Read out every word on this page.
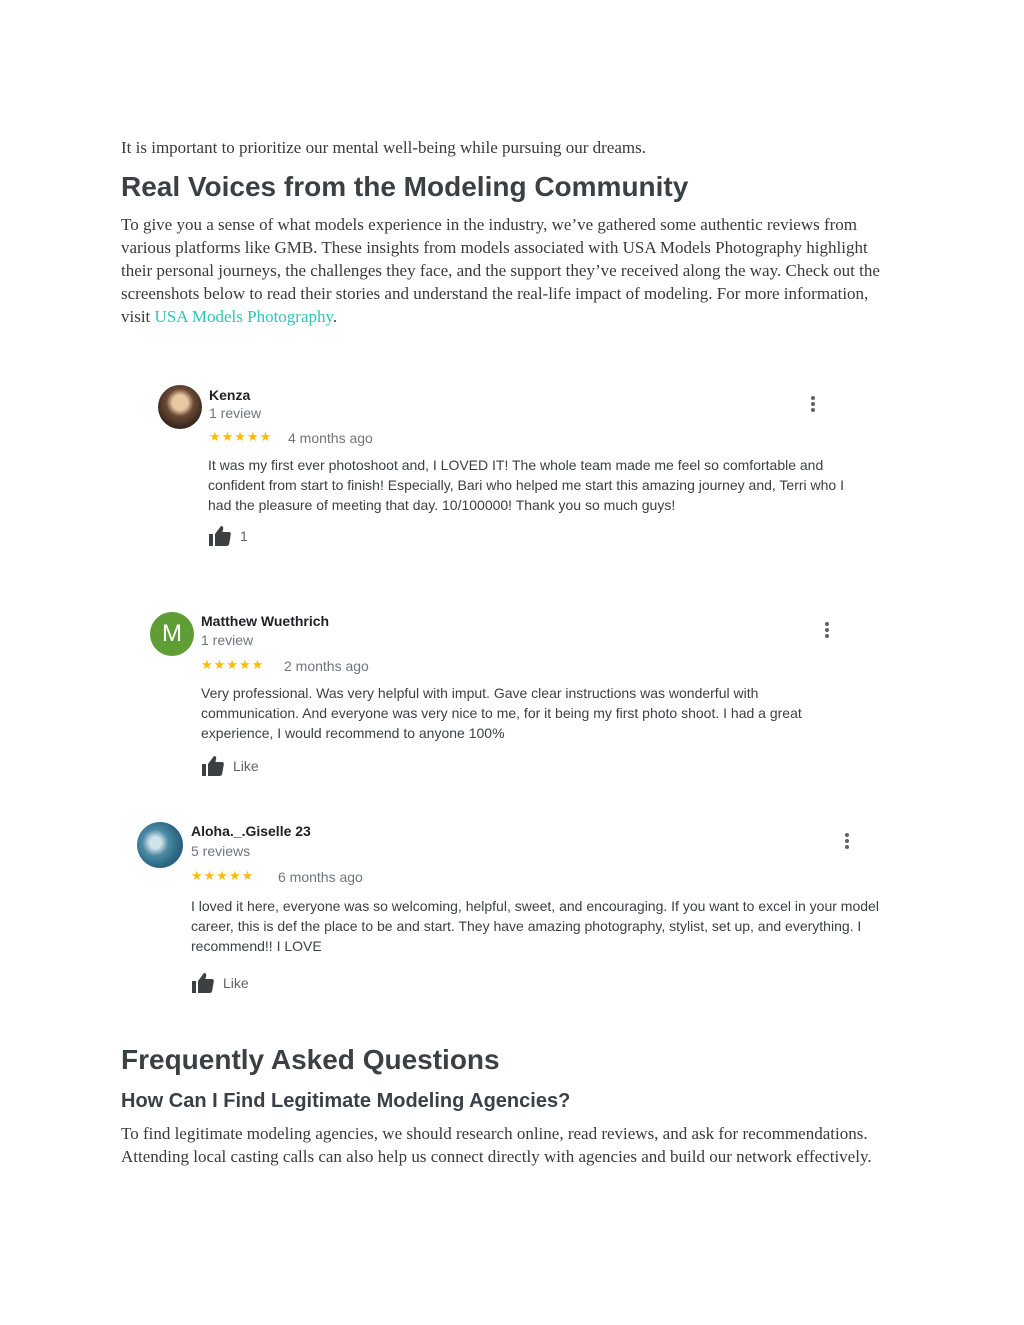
It is important to prioritize our mental well-being while pursuing our dreams.

Real Voices from the Modeling Community

To give you a sense of what models experience in the industry, we’ve gathered some authentic reviews from various platforms like GMB. These insights from models associated with USA Models Photography highlight their personal journeys, the challenges they face, and the support they’ve received along the way. Check out the screenshots below to read their stories and understand the real-life impact of modeling. For more information, visit USA Models Photography.

Kenza
1 review
★★★★★ 4 months ago
It was my first ever photoshoot and, I LOVED IT! The whole team made me feel so comfortable and confident from start to finish! Especially, Bari who helped me start this amazing journey and, Terri who I had the pleasure of meeting that day. 10/100000! Thank you so much guys!
1
M	Matthew Wuethrich
1 review
★★★★★ 2 months ago
Very professional. Was very helpful with imput. Gave clear instructions was wonderful with communication. And everyone was very nice to me, for it being my first photo shoot. I had a great experience, I would recommend to anyone 100%
Like
Aloha._.Giselle 23
5 reviews
★★★★★ 6 months ago
I loved it here, everyone was so welcoming, helpful, sweet, and encouraging. If you want to excel in your model career, this is def the place to be and start. They have amazing photography, stylist, set up, and everything. I recommend!! I LOVE
Like
Frequently Asked Questions
How Can I Find Legitimate Modeling Agencies?

To find legitimate modeling agencies, we should research online, read reviews, and ask for recommendations. Attending local casting calls can also help us connect directly with agencies and build our network effectively.
